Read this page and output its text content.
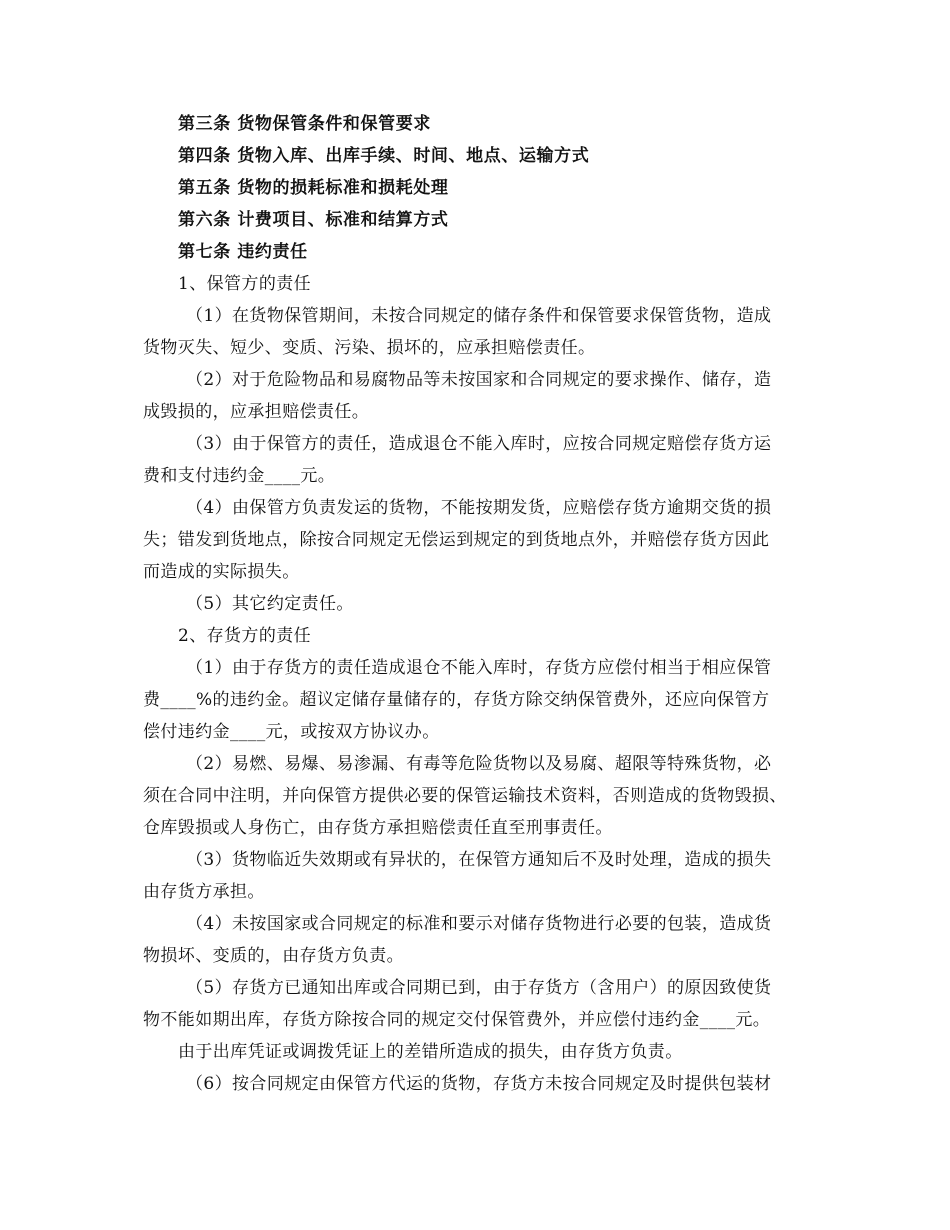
第三条 货物保管条件和保管要求
第四条 货物入库、出库手续、时间、地点、运输方式
第五条 货物的损耗标准和损耗处理
第六条 计费项目、标准和结算方式
第七条 违约责任
1、保管方的责任
（1）在货物保管期间，未按合同规定的储存条件和保管要求保管货物，造成
货物灭失、短少、变质、污染、损坏的，应承担赔偿责任。
（2）对于危险物品和易腐物品等未按国家和合同规定的要求操作、储存，造
成毁损的，应承担赔偿责任。
（3）由于保管方的责任，造成退仓不能入库时，应按合同规定赔偿存货方运
费和支付违约金____元。
（4）由保管方负责发运的货物，不能按期发货，应赔偿存货方逾期交货的损
失；错发到货地点，除按合同规定无偿运到规定的到货地点外，并赔偿存货方因此
而造成的实际损失。
（5）其它约定责任。
2、存货方的责任
（1）由于存货方的责任造成退仓不能入库时，存货方应偿付相当于相应保管
费____%的违约金。超议定储存量储存的，存货方除交纳保管费外，还应向保管方
偿付违约金____元，或按双方协议办。
（2）易燃、易爆、易渗漏、有毒等危险货物以及易腐、超限等特殊货物，必
须在合同中注明，并向保管方提供必要的保管运输技术资料，否则造成的货物毁损、
仓库毁损或人身伤亡，由存货方承担赔偿责任直至刑事责任。
（3）货物临近失效期或有异状的，在保管方通知后不及时处理，造成的损失
由存货方承担。
（4）未按国家或合同规定的标准和要示对储存货物进行必要的包装，造成货
物损坏、变质的，由存货方负责。
（5）存货方已通知出库或合同期已到，由于存货方（含用户）的原因致使货
物不能如期出库，存货方除按合同的规定交付保管费外，并应偿付违约金____元。
由于出库凭证或调拨凭证上的差错所造成的损失，由存货方负责。
（6）按合同规定由保管方代运的货物，存货方未按合同规定及时提供包装材
